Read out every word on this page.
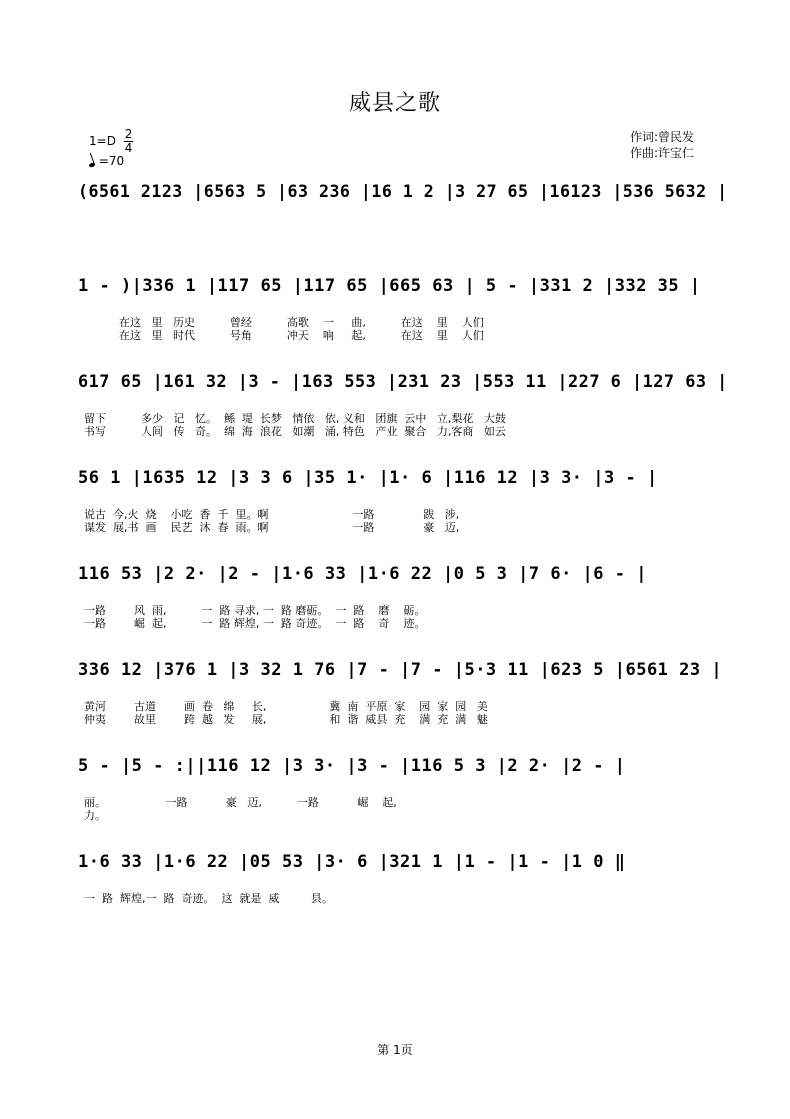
威县之歌
$1=D \frac{2}{4}$
=70
作词:曾民发
作曲:许宝仁
(6561 2123 |6563 5 |63 236 |16 1 2 |3 27 65 |16123 |536 5632 |
1 - )|336 1 |117 65 |117 65 |665 63 | 5 - |331 2 |332 35 |
在这   里   历史          曾经          高歌    一     曲,          在这    里    人们
在这   里   时代          号角          冲天    响     起,          在这    里    人们
617 65 |161 32 |3 - |163 553 |231 23 |553 11 |227 6 |127 63 |
留下          多少   记   忆。  鲧  堤  长梦   情依   依, 义和   团旗  云中   立,梨花   大鼓
书写          人间   传   奇。  绵  海  浪花   如潮   涌, 特色   产业  聚合   力,客商   如云
56 1 |1635 12 |3 3 6 |35 1· |1· 6 |116 12 |3 3· |3 - |
说古  今,火  烧    小吃  香  千  里。啊                        一路              跋   涉,
谋发  展,书  画    民艺  沐  春  雨。啊                        一路              豪   迈,
116 53 |2 2· |2 - |1·6 33 |1·6 22 |0 5 3 |7 6· |6 - |
一路        风  雨,          一  路 寻求, 一  路 磨砺。  一  路    磨    砺。
一路        崛  起,          一  路 辉煌, 一  路 奇迹。  一  路    奇    迹。
336 12 |376 1 |3 32 1 76 |7 - |7 - |5·3 11 |623 5 |6561 23 |
黄河        古道        画  卷   绵     长,                  冀  南  平原  家    园  家  园   美
仲夷        故里        跨  越   发     展,                  和  谐  威县  充    满  充  满   魅
5 - |5 - :||116 12 |3 3· |3 - |116 5 3 |2 2· |2 - |
丽。                 一路           豪   迈,          一路           崛    起,
力。
1·6 33 |1·6 22 |05 53 |3· 6 |321 1 |1 - |1 - |1 0 ‖
一  路  辉煌,一  路  奇迹。  这  就是  威         县。
第 1页
